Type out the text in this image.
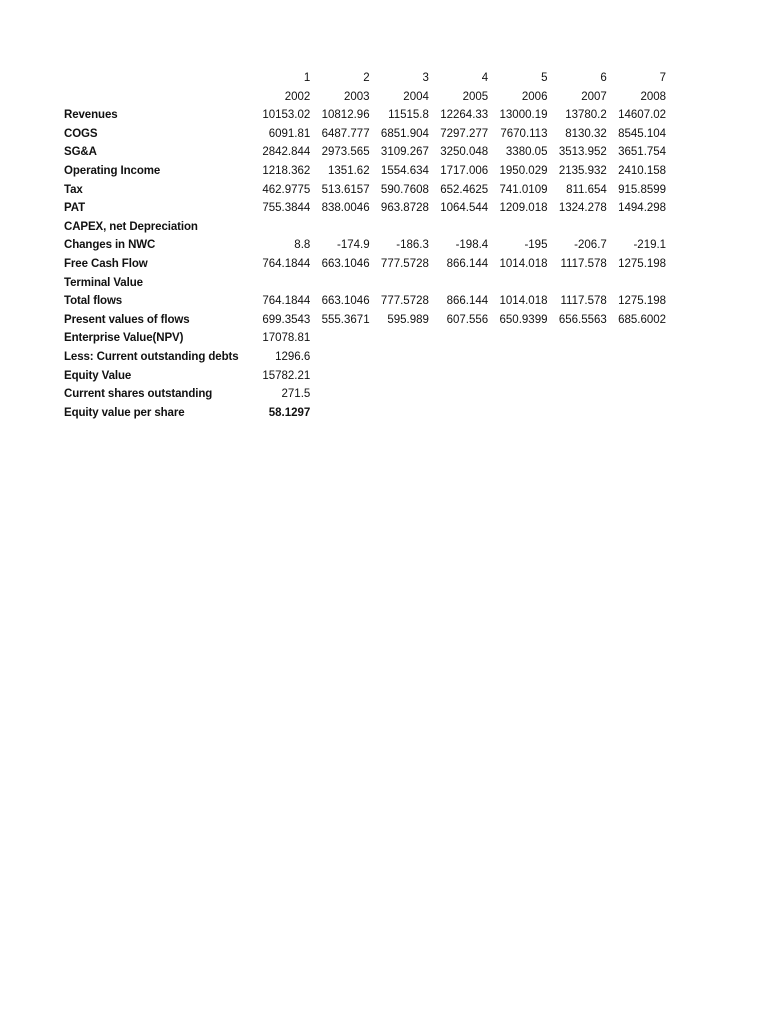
	1	2	3	4	5	6	7
	2002	2003	2004	2005	2006	2007	2008
Revenues	10153.02	10812.96	11515.8	12264.33	13000.19	13780.2	14607.02
COGS	6091.81	6487.777	6851.904	7297.277	7670.113	8130.32	8545.104
SG&A	2842.844	2973.565	3109.267	3250.048	3380.05	3513.952	3651.754
Operating Income	1218.362	1351.62	1554.634	1717.006	1950.029	2135.932	2410.158
Tax	462.9775	513.6157	590.7608	652.4625	741.0109	811.654	915.8599
PAT	755.3844	838.0046	963.8728	1064.544	1209.018	1324.278	1494.298
CAPEX, net Depreciation							
Changes in NWC	8.8	-174.9	-186.3	-198.4	-195	-206.7	-219.1
Free Cash Flow	764.1844	663.1046	777.5728	866.144	1014.018	1117.578	1275.198
Terminal Value							
Total flows	764.1844	663.1046	777.5728	866.144	1014.018	1117.578	1275.198
Present values of flows	699.3543	555.3671	595.989	607.556	650.9399	656.5563	685.6002
Enterprise Value(NPV)	17078.81						
Less: Current outstanding debts	1296.6						
Equity Value	15782.21						
Current shares outstanding	271.5						
Equity value per share	58.1297						
